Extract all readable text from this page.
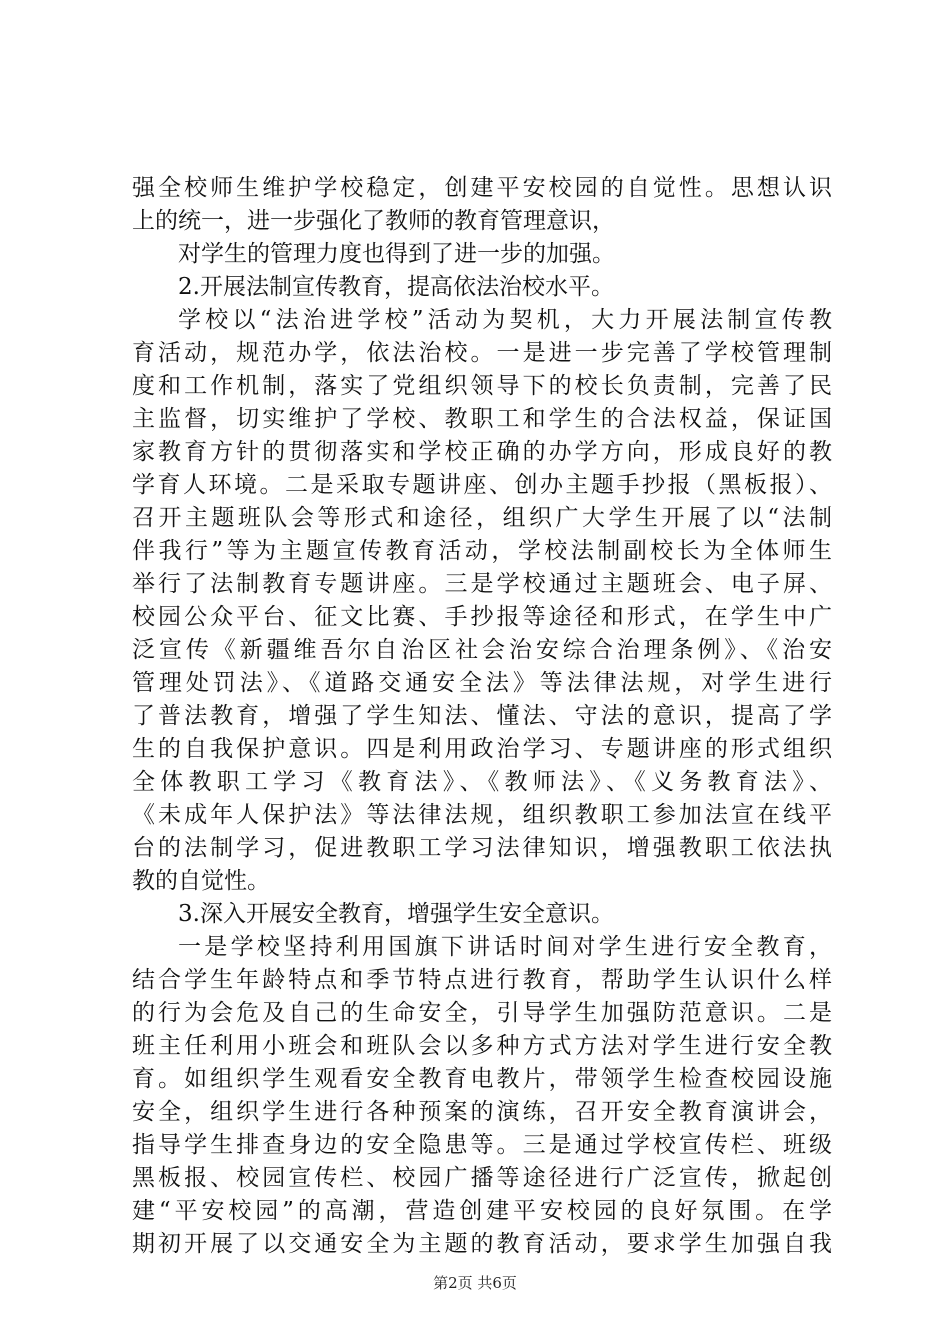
强全校师生维护学校稳定，创建平安校园的自觉性。思想认识
上的统一，进一步强化了教师的教育管理意识，
对学生的管理力度也得到了进一步的加强。
2.开展法制宣传教育，提高依法治校水平。
学校以“法治进学校”活动为契机，大力开展法制宣传教
育活动，规范办学，依法治校。一是进一步完善了学校管理制
度和工作机制，落实了党组织领导下的校长负责制，完善了民
主监督，切实维护了学校、教职工和学生的合法权益，保证国
家教育方针的贯彻落实和学校正确的办学方向，形成良好的教
学育人环境。二是采取专题讲座、创办主题手抄报（黑板报）、
召开主题班队会等形式和途径，组织广大学生开展了以“法制
伴我行”等为主题宣传教育活动，学校法制副校长为全体师生
举行了法制教育专题讲座。三是学校通过主题班会、电子屏、
校园公众平台、征文比赛、手抄报等途径和形式，在学生中广
泛宣传《新疆维吾尔自治区社会治安综合治理条例》、《治安
管理处罚法》、《道路交通安全法》等法律法规，对学生进行
了普法教育，增强了学生知法、懂法、守法的意识，提高了学
生的自我保护意识。四是利用政治学习、专题讲座的形式组织
全体教职工学习《教育法》、《教师法》、《义务教育法》、
《未成年人保护法》等法律法规，组织教职工参加法宣在线平
台的法制学习，促进教职工学习法律知识，增强教职工依法执
教的自觉性。
3.深入开展安全教育，增强学生安全意识。
一是学校坚持利用国旗下讲话时间对学生进行安全教育，
结合学生年龄特点和季节特点进行教育，帮助学生认识什么样
的行为会危及自己的生命安全，引导学生加强防范意识。二是
班主任利用小班会和班队会以多种方式方法对学生进行安全教
育。如组织学生观看安全教育电教片，带领学生检查校园设施
安全，组织学生进行各种预案的演练，召开安全教育演讲会，
指导学生排查身边的安全隐患等。三是通过学校宣传栏、班级
黑板报、校园宣传栏、校园广播等途径进行广泛宣传，掀起创
建“平安校园”的高潮，营造创建平安校园的良好氛围。在学
期初开展了以交通安全为主题的教育活动，要求学生加强自我
第2页 共6页
